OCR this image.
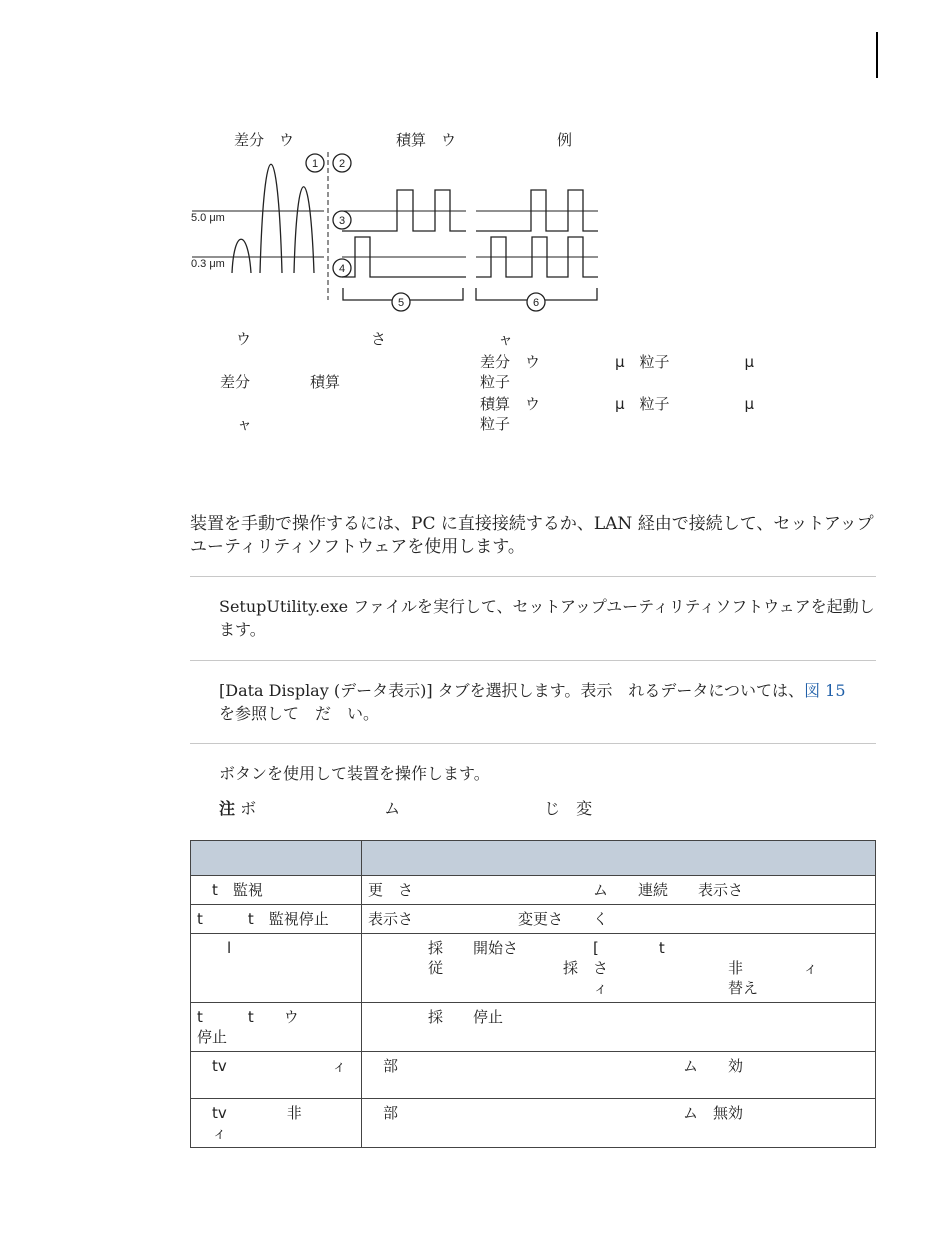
差分　ウ	積算　ウ	例
1 2
3
4
5	6
5.0 μm
0.3 μm
ウ　　　　　　　　さ
差分　　　　積算
ャ
ャ
差分　ウ　　　　　μ　粒子　　　　　μ
粒子
積算　ウ　　　　　μ　粒子　　　　　μ
粒子
装置を手動で操作するには、PC に直接接続するか、LAN 経由で接続して、セットアップユーティリティソフトウェアを使用します。
SetupUtility.exe ファイルを実行して、セットアップユーティリティソフトウェアを起動します。
[Data Display (データ表示)] タブを選択します。表示　れるデータについては、図 15
を参照して　だ　い。
ボタンを使用して装置を操作します。
注 ボ　　　　　　　　ム　　　　　　　　　じ　変

　t　監視	更　さ　　　　　　　　　　　　ム　　連続　　表示さ
t　　　t　監視停止	表示さ　　　　　　　変更さ　　く
　　l	　　　　採　　開始さ　　　　　[　　　　t
　　　　従　　　　　　　　採　さ　　　　　　　　非　　　　ィ
　　　　　　　　　　　　　　　ィ　　　　　　　　替え
t　　　t　　ウ
停止	　　　　採　　停止
　tv　　　　　　　ィ	　部　　　　　　　　　　　　　　　　　　　ム　　効
　tv　　　　非
　ィ	　部　　　　　　　　　　　　　　　　　　　ム　無効
